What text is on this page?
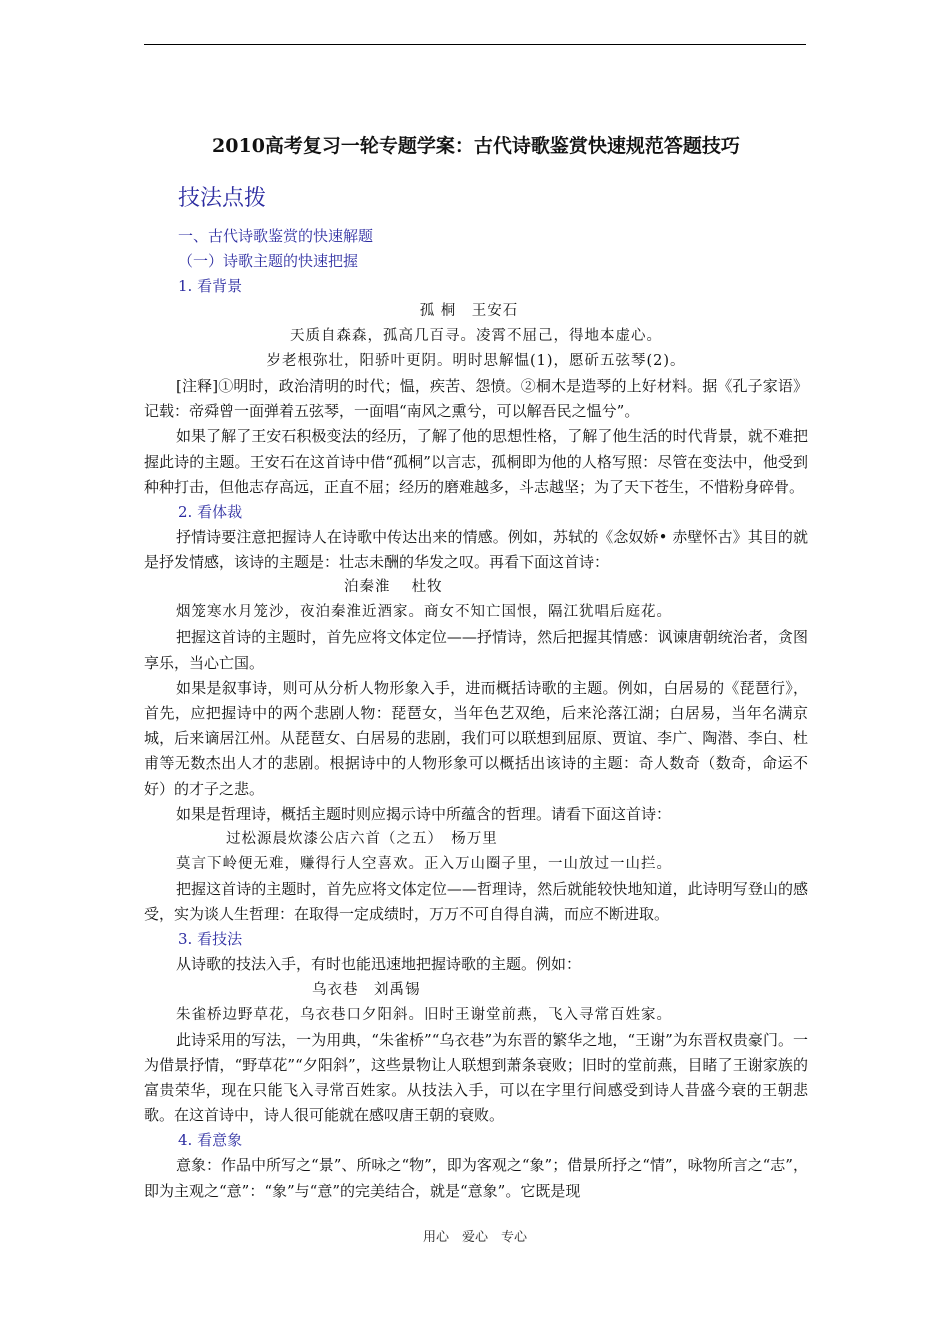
2010高考复习一轮专题学案：古代诗歌鉴赏快速规范答题技巧
技法点拨
一、古代诗歌鉴赏的快速解题
（一）诗歌主题的快速把握
1. 看背景
孤 桐　王安石
天质自森森，孤高几百寻。凌霄不屈己，得地本虚心。
岁老根弥壮，阳骄叶更阴。明时思解愠(1)，愿斫五弦琴(2)。

[注释]①明时，政治清明的时代；愠，疾苦、怨愤。②桐木是造琴的上好材料。据《孔子家语》记载：帝舜曾一面弹着五弦琴，一面唱“南风之熏兮，可以解吾民之愠兮”。

如果了解了王安石积极变法的经历，了解了他的思想性格，了解了他生活的时代背景，就不难把握此诗的主题。王安石在这首诗中借“孤桐”以言志，孤桐即为他的人格写照：尽管在变法中，他受到种种打击，但他志存高远，正直不屈；经历的磨难越多，斗志越坚；为了天下苍生，不惜粉身碎骨。

2. 看体裁

抒情诗要注意把握诗人在诗歌中传达出来的情感。例如，苏轼的《念奴娇• 赤壁怀古》其目的就是抒发情感，该诗的主题是：壮志未酬的华发之叹。再看下面这首诗：

泊秦淮　 杜牧
烟笼寒水月笼沙，夜泊秦淮近酒家。商女不知亡国恨，隔江犹唱后庭花。

把握这首诗的主题时，首先应将文体定位——抒情诗，然后把握其情感：讽谏唐朝统治者，贪图享乐，当心亡国。

如果是叙事诗，则可从分析人物形象入手，进而概括诗歌的主题。例如，白居易的《琵琶行》，首先，应把握诗中的两个悲剧人物：琵琶女，当年色艺双绝，后来沦落江湖；白居易，当年名满京城，后来谪居江州。从琵琶女、白居易的悲剧，我们可以联想到屈原、贾谊、李广、陶潜、李白、杜甫等无数杰出人才的悲剧。根据诗中的人物形象可以概括出该诗的主题：奇人数奇（数奇，命运不好）的才子之悲。

如果是哲理诗，概括主题时则应揭示诗中所蕴含的哲理。请看下面这首诗：

过松源晨炊漆公店六首（之五）　杨万里
莫言下岭便无难，赚得行人空喜欢。正入万山圈子里，一山放过一山拦。

把握这首诗的主题时，首先应将文体定位——哲理诗，然后就能较快地知道，此诗明写登山的感受，实为谈人生哲理：在取得一定成绩时，万万不可自得自满，而应不断进取。

3. 看技法

从诗歌的技法入手，有时也能迅速地把握诗歌的主题。例如：

乌衣巷　刘禹锡
朱雀桥边野草花，乌衣巷口夕阳斜。旧时王谢堂前燕，飞入寻常百姓家。

此诗采用的写法，一为用典，“朱雀桥”“乌衣巷”为东晋的繁华之地，“王谢”为东晋权贵豪门。一为借景抒情，“野草花”“夕阳斜”，这些景物让人联想到萧条衰败；旧时的堂前燕，目睹了王谢家族的富贵荣华，现在只能飞入寻常百姓家。从技法入手，可以在字里行间感受到诗人昔盛今衰的王朝悲歌。在这首诗中，诗人很可能就在感叹唐王朝的衰败。

4. 看意象

意象：作品中所写之“景”、所咏之“物”，即为客观之“象”；借景所抒之“情”，咏物所言之“志”，即为主观之“意”：“象”与“意”的完美结合，就是“意象”。它既是现

用心　爱心　专心
